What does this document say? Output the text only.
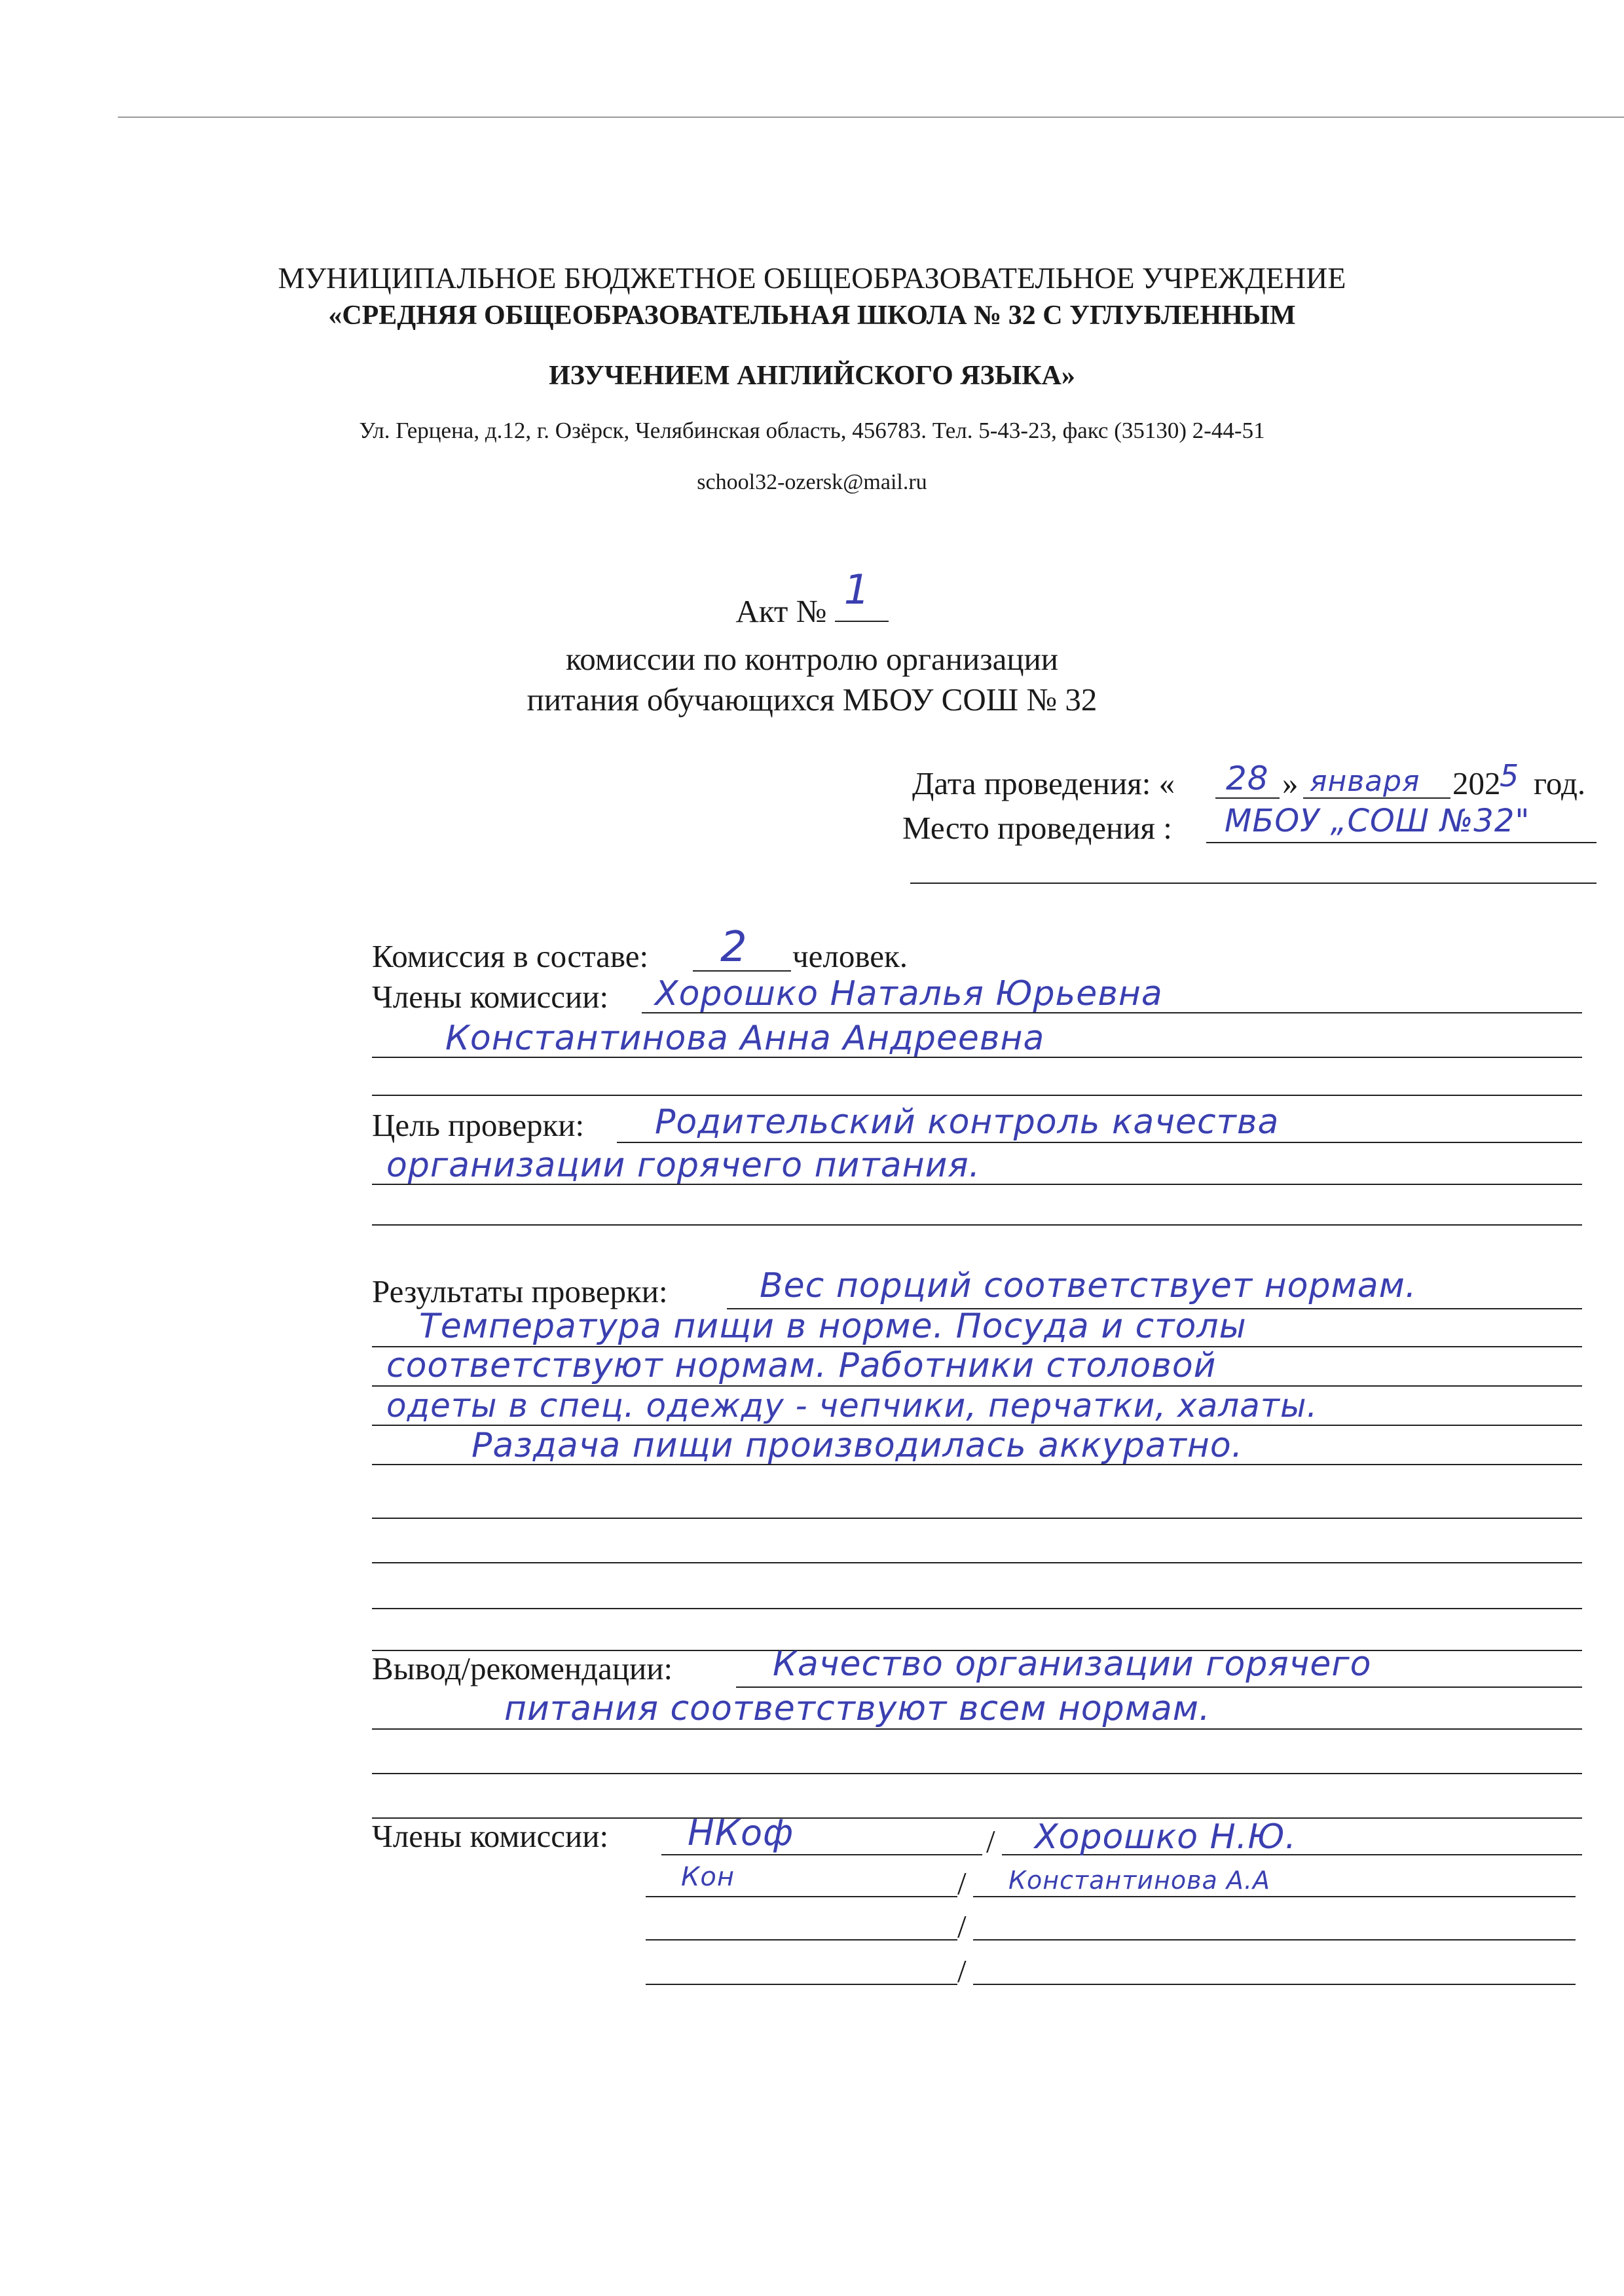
МУНИЦИПАЛЬНОЕ БЮДЖЕТНОЕ ОБЩЕОБРАЗОВАТЕЛЬНОЕ УЧРЕЖДЕНИЕ
«СРЕДНЯЯ ОБЩЕОБРАЗОВАТЕЛЬНАЯ ШКОЛА № 32 С УГЛУБЛЕННЫМ
ИЗУЧЕНИЕМ АНГЛИЙСКОГО ЯЗЫКА»
Ул. Герцена, д.12, г. Озёрск, Челябинская область, 456783. Тел. 5-43-23, факс (35130) 2-44-51
school32-ozersk@mail.ru
Акт № 1
комиссии по контролю организации
питания обучающихся МБОУ СОШ № 32
Дата проведения: « 28 » января 202
5 год.
Место проведения : МБОУ „СОШ №32"
Комиссия в составе: 2 человек.
Члены комиссии: Хорошко Наталья Юрьевна
Константинова Анна Андреевна
Цель проверки: Родительский контроль качества
организации горячего питания.
Результаты проверки:	Вес порций соответствует нормам.
Температура пищи в норме. Посуда и столы
соответствуют нормам. Работники столовой
одеты в спец. одежду - чепчики, перчатки, халаты.
Раздача пищи производилась аккуратно.
Вывод/рекомендации:	Качество организации горячего
питания соответствуют всем нормам.
Члены комиссии: НКоф	/ Хорошко Н.Ю.
Кон	/ Константинова А.А
/
/
